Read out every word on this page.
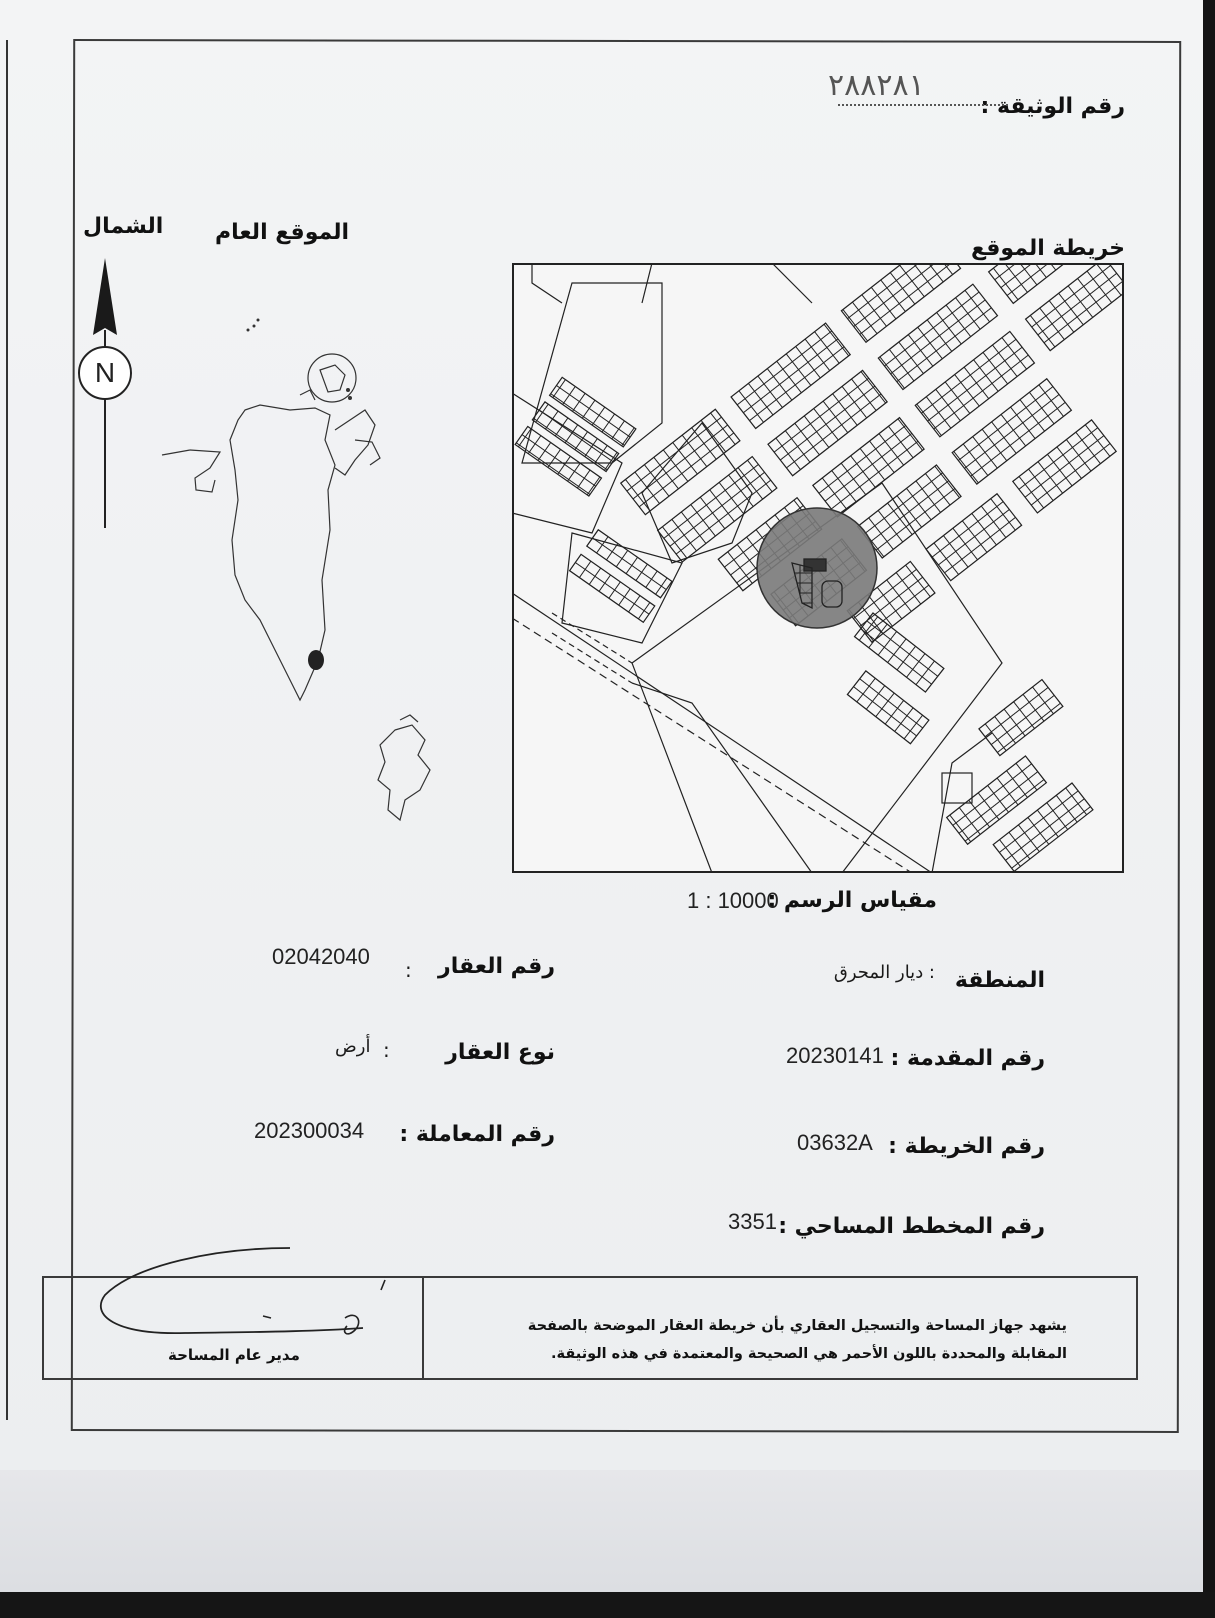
رقم الوثيقة :
٢٨٨٢٨١
خريطة الموقع
الموقع العام
الشمال
N
مقياس الرسم :
1 : 10000
المنطقة
: ديار المحرق
رقم المقدمة :
20230141
رقم الخريطة :
03632A
رقم المخطط المساحي :
3351
رقم العقار
:
02042040
نوع العقار
:
أرض
رقم المعاملة :
202300034
يشهد جهاز المساحة والتسجيل العقاري بأن خريطة العقار الموضحة بالصفحة
المقابلة والمحددة باللون الأحمر هي الصحيحة والمعتمدة في هذه الوثيقة.
مدير عام المساحة
